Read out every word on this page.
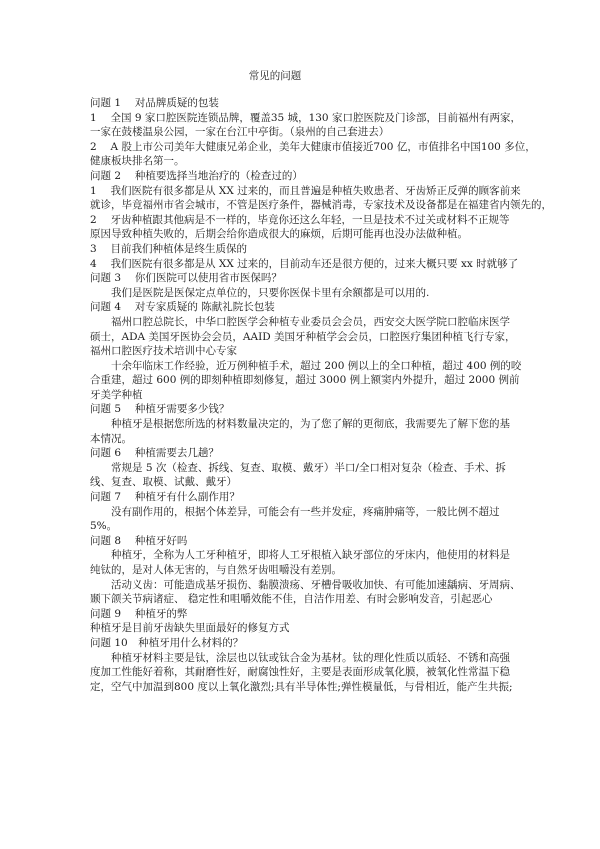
常见的问题

问题 1　 对品牌质疑的包装

1　 全国 9 家口腔医院连锁品牌，覆盖35 城，130 家口腔医院及门诊部，目前福州有两家，

一家在鼓楼温泉公园，一家在台江中亭街。（泉州的自己套进去）

2　 A 股上市公司美年大健康兄弟企业，美年大健康市值接近700 亿，市值排名中国100 多位，

健康板块排名第一。

问题 2　 种植要选择当地治疗的（检查过的）

1　 我们医院有很多都是从 XX 过来的，而且普遍是种植失败患者、牙齿矫正反弹的顾客前来

就诊，毕竟福州市省会城市，不管是医疗条件，器械消毒，专家技术及设备都是在福建省内领先的，

2　 牙齿种植跟其他病是不一样的，毕竟你还这么年轻，一旦是技术不过关或材料不正规等

原因导致种植失败的，后期会给你造成很大的麻烦，后期可能再也没办法做种植。

3　 目前我们种植体是终生质保的

4　 我们医院有很多都是从 XX 过来的，目前动车还是很方便的，过来大概只要 xx 时就够了

问题 3　 你们医院可以使用省市医保吗？

　　我们是医院是医保定点单位的，只要你医保卡里有余额都是可以用的.

问题 4　 对专家质疑的 陈献礼院长包装

　　福州口腔总院长，中华口腔医学会种植专业委员会会员，西安交大医学院口腔临床医学

硕士，ADA 美国牙医协会会员，AAID 美国牙种植学会会员，口腔医疗集团种植飞行专家，

福州口腔医疗技术培训中心专家

　　十余年临床工作经验，近万例种植手术，超过 200 例以上的全口种植，超过 400 例的咬

合重建，超过 600 例的即刻种植即刻修复，超过 3000 例上额窦内外提升，超过 2000 例前

牙美学种植

问题 5　 种植牙需要多少钱？

　　种植牙是根据您所选的材料数量决定的，为了您了解的更彻底，我需要先了解下您的基

本情况。

问题 6　 种植需要去几趟？

　　常规是 5 次（检查、拆线、复查、取模、戴牙）半口/全口相对复杂（检查、手术、拆

线、复查、取模、试戴、戴牙）

问题 7　 种植牙有什么副作用？

　　没有副作用的，根据个体差异，可能会有一些并发症，疼痛肿痛等，一般比例不超过

5%。

问题 8　 种植牙好吗

　　种植牙，全称为人工牙种植牙，即将人工牙根植入缺牙部位的牙床内，他使用的材料是

纯钛的，是对人体无害的，与自然牙齿咀嚼没有差别。

　　活动义齿：可能造成基牙损伤、黏膜溃疡、牙槽骨吸收加快、有可能加速龋病、牙周病、

颞下颌关节病诸症、 稳定性和咀嚼效能不佳，自洁作用差、有时会影响发音，引起恶心

问题 9　 种植牙的弊

种植牙是目前牙齿缺失里面最好的修复方式

问题 10　种植牙用什么材料的？

　　种植牙材料主要是钛，涂层也以钛或钛合金为基材。钛的理化性质以质轻、不锈和高强

度加工性能好着称，其耐磨性好，耐腐蚀性好，主要是表面形成氧化膜，被氧化性常温下稳

定，空气中加温到800 度以上氧化激烈;具有半导体性;弹性模量低，与骨相近，能产生共振;
